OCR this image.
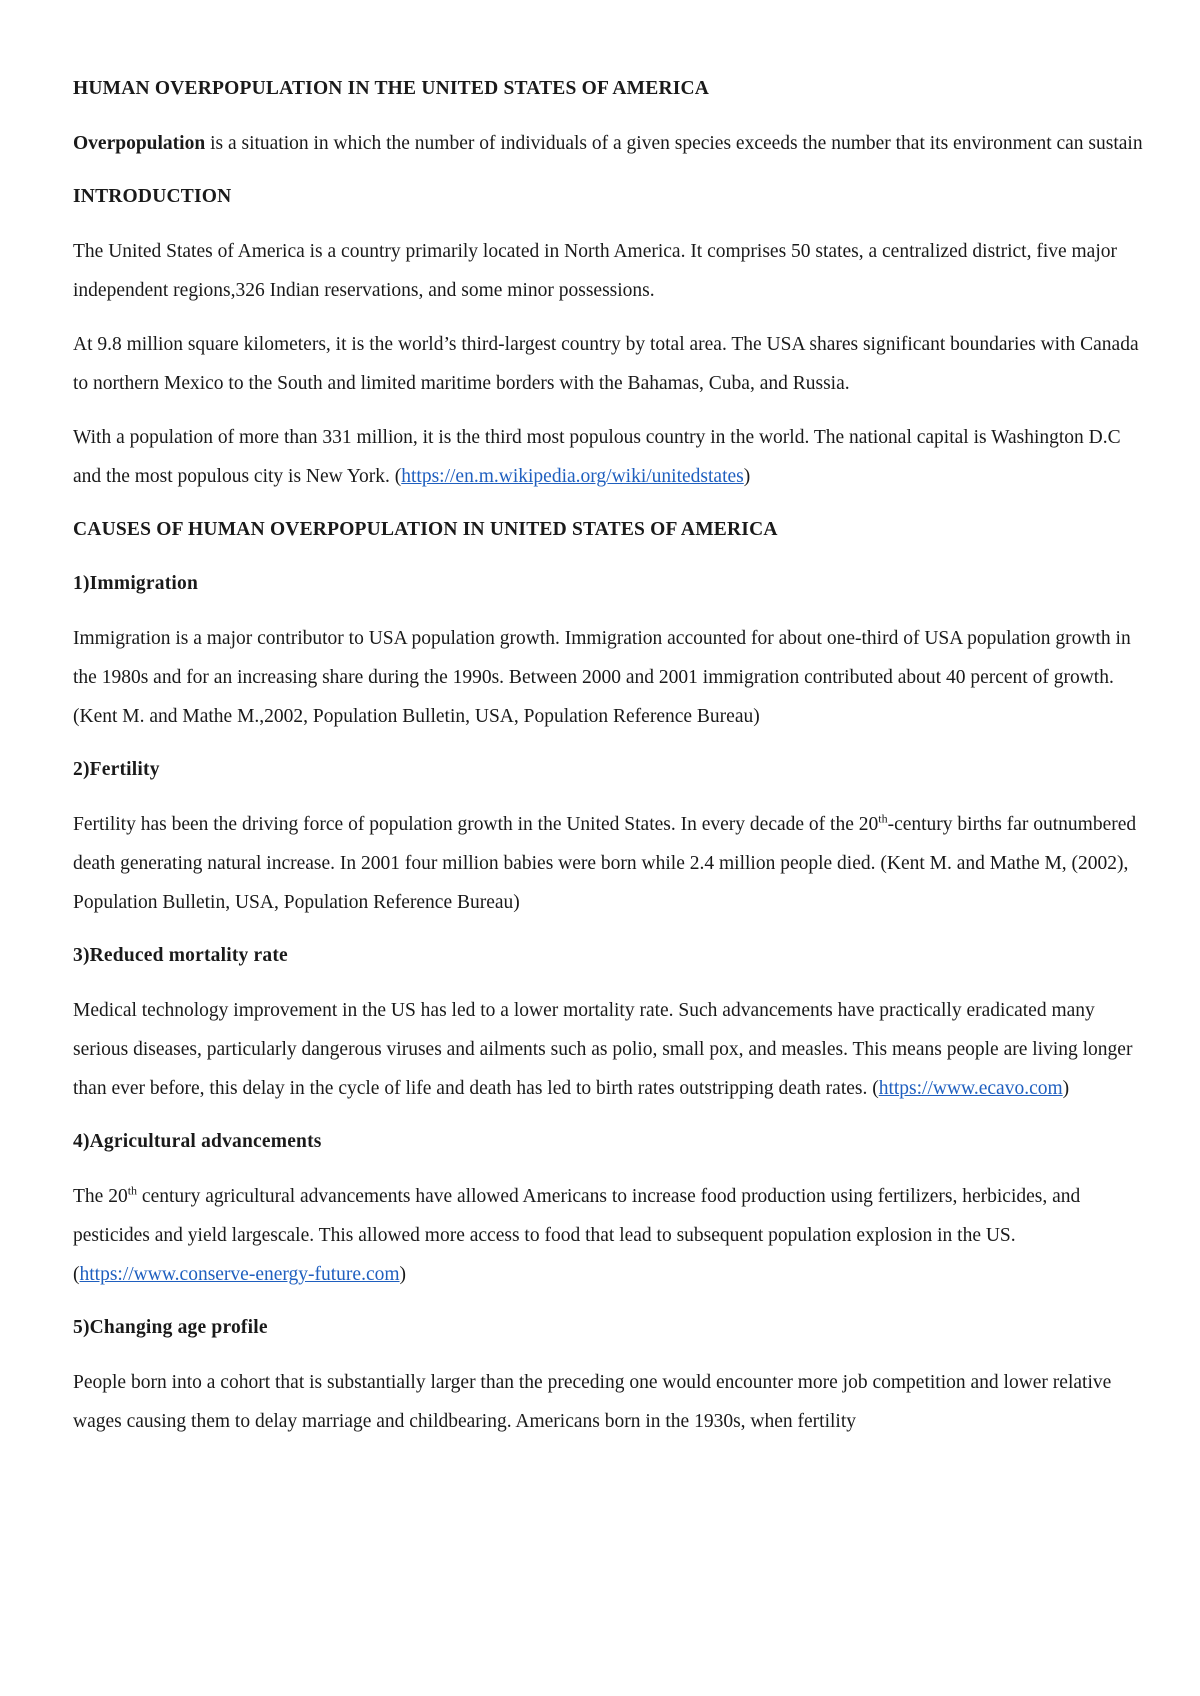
HUMAN OVERPOPULATION IN THE UNITED STATES OF AMERICA

Overpopulation is a situation in which the number of individuals of a given species exceeds the number that its environment can sustain

INTRODUCTION

The United States of America is a country primarily located in North America. It comprises 50 states, a centralized district, five major independent regions,326 Indian reservations, and some minor possessions.

At 9.8 million square kilometers, it is the world’s third-largest country by total area. The USA shares significant boundaries with Canada to northern Mexico to the South and limited maritime borders with the Bahamas, Cuba, and Russia.

With a population of more than 331 million, it is the third most populous country in the world. The national capital is Washington D.C and the most populous city is New York. (https://en.m.wikipedia.org/wiki/unitedstates)

CAUSES OF HUMAN OVERPOPULATION IN UNITED STATES OF AMERICA
1)Immigration

Immigration is a major contributor to USA population growth. Immigration accounted for about one-third of USA population growth in the 1980s and for an increasing share during the 1990s. Between 2000 and 2001 immigration contributed about 40 percent of growth. (Kent M. and Mathe M.,2002, Population Bulletin, USA, Population Reference Bureau)

2)Fertility

Fertility has been the driving force of population growth in the United States. In every decade of the 20th-century births far outnumbered death generating natural increase. In 2001 four million babies were born while 2.4 million people died. (Kent M. and Mathe M, (2002), Population Bulletin, USA, Population Reference Bureau)

3)Reduced mortality rate

Medical technology improvement in the US has led to a lower mortality rate. Such advancements have practically eradicated many serious diseases, particularly dangerous viruses and ailments such as polio, small pox, and measles. This means people are living longer than ever before, this delay in the cycle of life and death has led to birth rates outstripping death rates. (https://www.ecavo.com)

4)Agricultural advancements

The 20th century agricultural advancements have allowed Americans to increase food production using fertilizers, herbicides, and pesticides and yield largescale. This allowed more access to food that lead to subsequent population explosion in the US. (https://www.conserve-energy-future.com)

5)Changing age profile

People born into a cohort that is substantially larger than the preceding one would encounter more job competition and lower relative wages causing them to delay marriage and childbearing. Americans born in the 1930s, when fertility
